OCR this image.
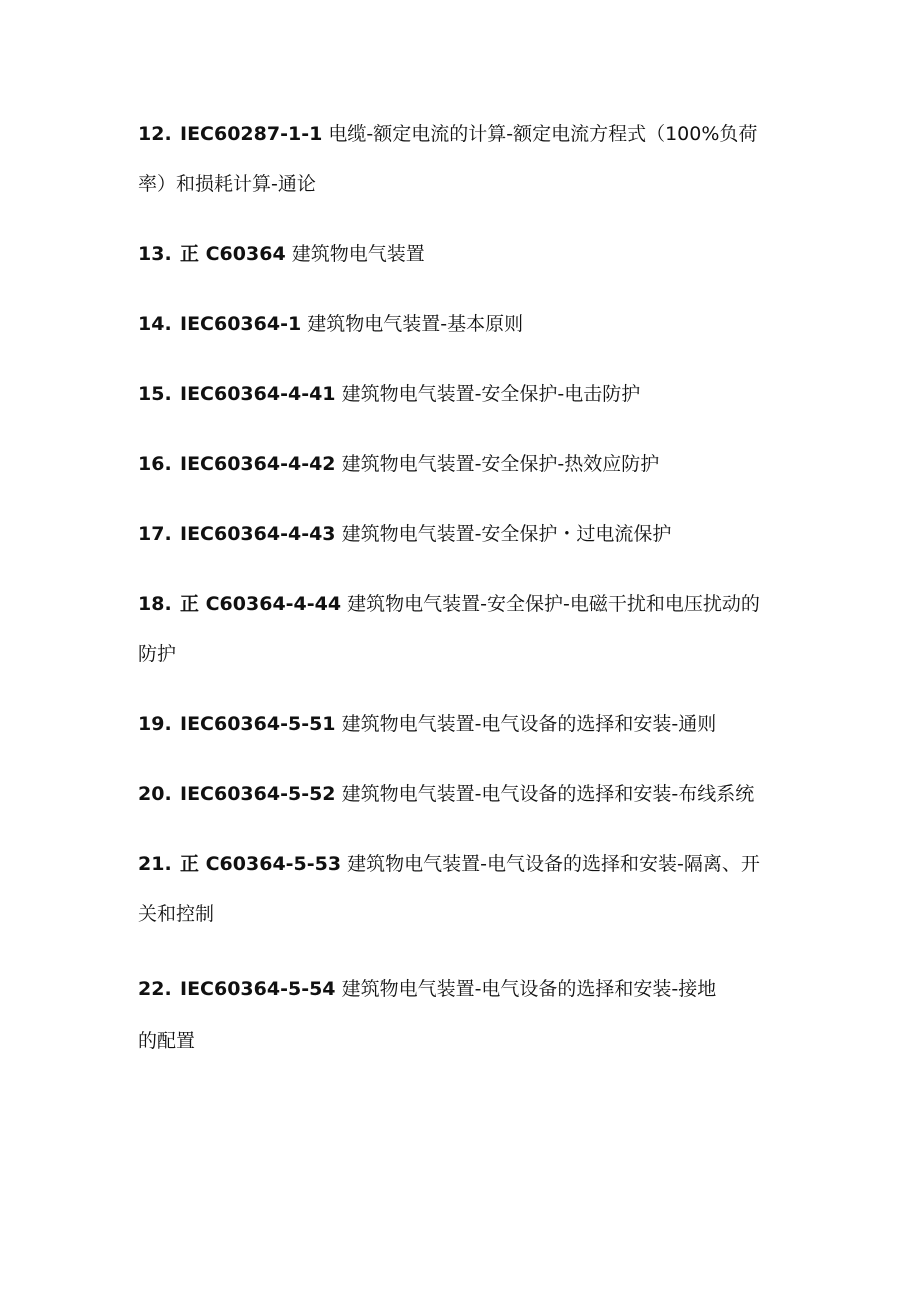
12. IEC60287-1-1 电缆-额定电流的计算-额定电流方程式（100%负荷
率）和损耗计算-通论
13. 正 C60364 建筑物电气装置
14. IEC60364-1 建筑物电气装置-基本原则
15. IEC60364-4-41 建筑物电气装置-安全保护-电击防护
16. IEC60364-4-42 建筑物电气装置-安全保护-热效应防护
17. IEC60364-4-43 建筑物电气装置-安全保护・过电流保护
18. 正 C60364-4-44 建筑物电气装置-安全保护-电磁干扰和电压扰动的
防护
19. IEC60364-5-51 建筑物电气装置-电气设备的选择和安装-通则
20. IEC60364-5-52 建筑物电气装置-电气设备的选择和安装-布线系统
21. 正 C60364-5-53 建筑物电气装置-电气设备的选择和安装-隔离、开
关和控制
22. IEC60364-5-54 建筑物电气装置-电气设备的选择和安装-接地
的配置
